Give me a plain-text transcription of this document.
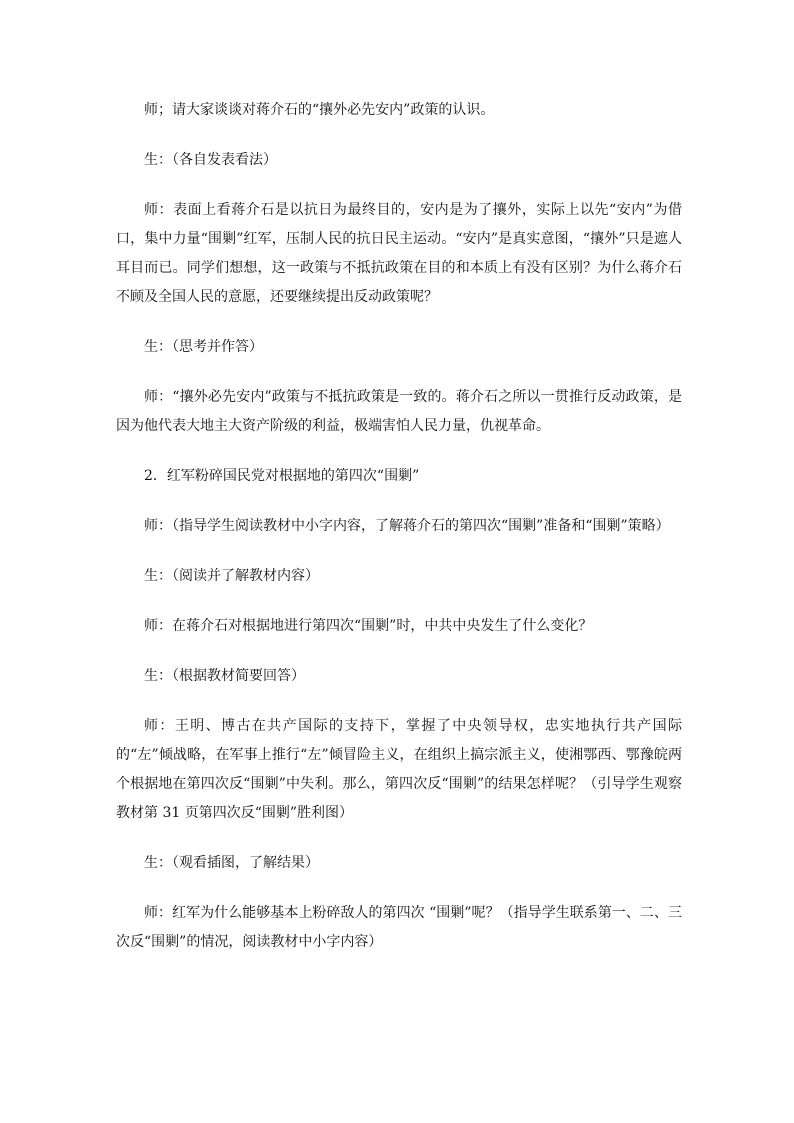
师；请大家谈谈对蒋介石的“攘外必先安内”政策的认识。

生：（各自发表看法）

师：表面上看蒋介石是以抗日为最终目的，安内是为了攘外，实际上以先“安内”为借口，集中力量“围剿”红军，压制人民的抗日民主运动。“安内”是真实意图，“攘外”只是遮人耳目而已。同学们想想，这一政策与不抵抗政策在目的和本质上有没有区别？为什么蒋介石不顾及全国人民的意愿，还要继续提出反动政策呢？

生：（思考并作答）

师：“攘外必先安内”政策与不抵抗政策是一致的。蒋介石之所以一贯推行反动政策，是因为他代表大地主大资产阶级的利益，极端害怕人民力量，仇视革命。

2．红军粉碎国民党对根据地的第四次“围剿”

师：（指导学生阅读教材中小字内容，了解蒋介石的第四次“围剿”准备和“围剿”策略）

生：（阅读并了解教材内容）

师：在蒋介石对根据地进行第四次“围剿”时，中共中央发生了什么变化？

生：（根据教材简要回答）

师：王明、博古在共产国际的支持下，掌握了中央领导权，忠实地执行共产国际的“左”倾战略，在军事上推行“左”倾冒险主义，在组织上搞宗派主义，使湘鄂西、鄂豫皖两个根据地在第四次反“围剿”中失利。那么，第四次反“围剿”的结果怎样呢？（引导学生观察教材第 31 页第四次反“围剿”胜利图）

生：（观看插图，了解结果）

师：红军为什么能够基本上粉碎敌人的第四次 “围剿”呢？（指导学生联系第一、二、三次反“围剿”的情况，阅读教材中小字内容）
